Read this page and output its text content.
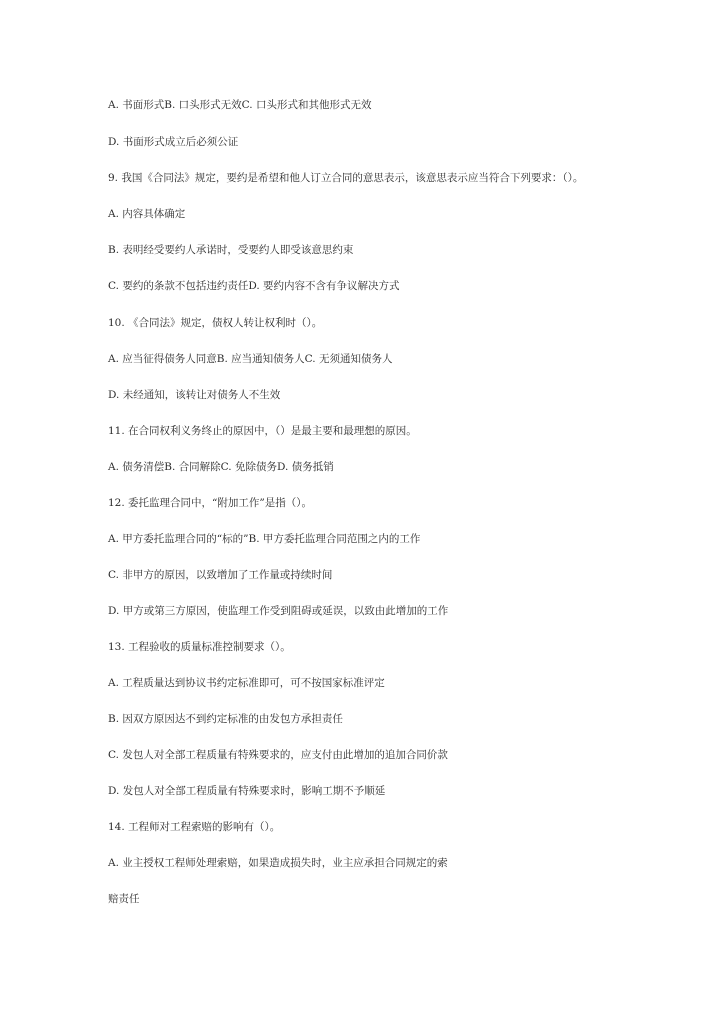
A. 书面形式B. 口头形式无效C. 口头形式和其他形式无效

D. 书面形式成立后必须公证

9. 我国《合同法》规定，要约是希望和他人订立合同的意思表示，该意思表示应当符合下列要求：（）。

A. 内容具体确定

B. 表明经受要约人承诺时，受要约人即受该意思约束

C. 要约的条款不包括违约责任D. 要约内容不含有争议解决方式

10. 《合同法》规定，债权人转让权利时（）。

A. 应当征得债务人同意B. 应当通知债务人C. 无须通知债务人

D. 未经通知，该转让对债务人不生效

11. 在合同权利义务终止的原因中，（）是最主要和最理想的原因。

A. 债务清偿B. 合同解除C. 免除债务D. 债务抵销

12. 委托监理合同中，“附加工作”是指（）。

A. 甲方委托监理合同的“标的”B. 甲方委托监理合同范围之内的工作

C. 非甲方的原因，以致增加了工作量或持续时间

D. 甲方或第三方原因，使监理工作受到阻碍或延误，以致由此增加的工作

13. 工程验收的质量标准控制要求（）。

A. 工程质量达到协议书约定标准即可，可不按国家标准评定

B. 因双方原因达不到约定标准的由发包方承担责任

C. 发包人对全部工程质量有特殊要求的，应支付由此增加的追加合同价款

D. 发包人对全部工程质量有特殊要求时，影响工期不予顺延

14. 工程师对工程索赔的影响有（）。

A. 业主授权工程师处理索赔，如果造成损失时，业主应承担合同规定的索

赔责任
